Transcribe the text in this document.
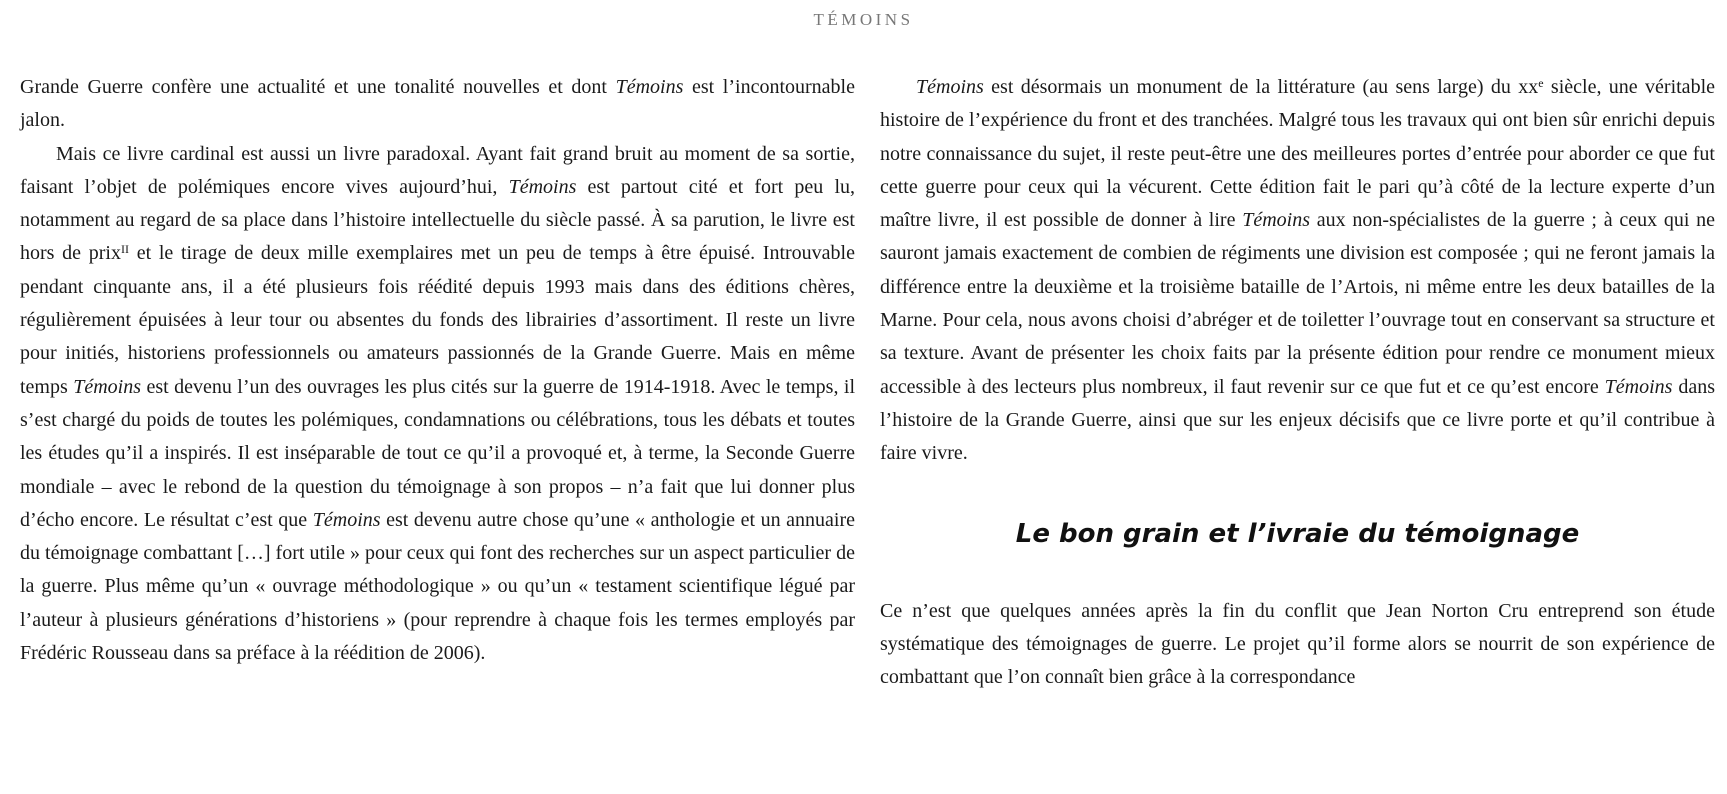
TÉMOINS

Grande Guerre confère une actualité et une tonalité nouvelles et dont Témoins est l’incontournable jalon.

Mais ce livre cardinal est aussi un livre paradoxal. Ayant fait grand bruit au moment de sa sortie, faisant l’objet de polémiques encore vives aujourd’hui, Témoins est partout cité et fort peu lu, notamment au regard de sa place dans l’histoire intellectuelle du siècle passé. À sa parution, le livre est hors de prix$^{II}$ et le tirage de deux mille exemplaires met un peu de temps à être épuisé. Introuvable pendant cinquante ans, il a été plusieurs fois réédité depuis 1993 mais dans des éditions chères, régulièrement épuisées à leur tour ou absentes du fonds des librairies d’assortiment. Il reste un livre pour initiés, historiens professionnels ou amateurs passionnés de la Grande Guerre. Mais en même temps Témoins est devenu l’un des ouvrages les plus cités sur la guerre de 1914-1918. Avec le temps, il s’est chargé du poids de toutes les polémiques, condamnations ou célébrations, tous les débats et toutes les études qu’il a inspirés. Il est inséparable de tout ce qu’il a provoqué et, à terme, la Seconde Guerre mondiale – avec le rebond de la question du témoignage à son propos – n’a fait que lui donner plus d’écho encore. Le résultat c’est que Témoins est devenu autre chose qu’une « anthologie et un annuaire du témoignage combattant […] fort utile » pour ceux qui font des recherches sur un aspect particulier de la guerre. Plus même qu’un « ouvrage méthodologique » ou qu’un « testament scientifique légué par l’auteur à plusieurs générations d’historiens » (pour reprendre à chaque fois les termes employés par Frédéric Rousseau dans sa préface à la réédition de 2006).

Témoins est désormais un monument de la littérature (au sens large) du $xx^e$ siècle, une véritable histoire de l’expérience du front et des tranchées. Malgré tous les travaux qui ont bien sûr enrichi depuis notre connaissance du sujet, il reste peut-être une des meilleures portes d’entrée pour aborder ce que fut cette guerre pour ceux qui la vécurent. Cette édition fait le pari qu’à côté de la lecture experte d’un maître livre, il est possible de donner à lire Témoins aux non-spécialistes de la guerre ; à ceux qui ne sauront jamais exactement de combien de régiments une division est composée ; qui ne feront jamais la différence entre la deuxième et la troisième bataille de l’Artois, ni même entre les deux batailles de la Marne. Pour cela, nous avons choisi d’abréger et de toiletter l’ouvrage tout en conservant sa structure et sa texture. Avant de présenter les choix faits par la présente édition pour rendre ce monument mieux accessible à des lecteurs plus nombreux, il faut revenir sur ce que fut et ce qu’est encore Témoins dans l’histoire de la Grande Guerre, ainsi que sur les enjeux décisifs que ce livre porte et qu’il contribue à faire vivre.

Le bon grain et l’ivraie du témoignage

Ce n’est que quelques années après la fin du conflit que Jean Norton Cru entreprend son étude systématique des témoignages de guerre. Le projet qu’il forme alors se nourrit de son expérience de combattant que l’on connaît bien grâce à la correspondance
